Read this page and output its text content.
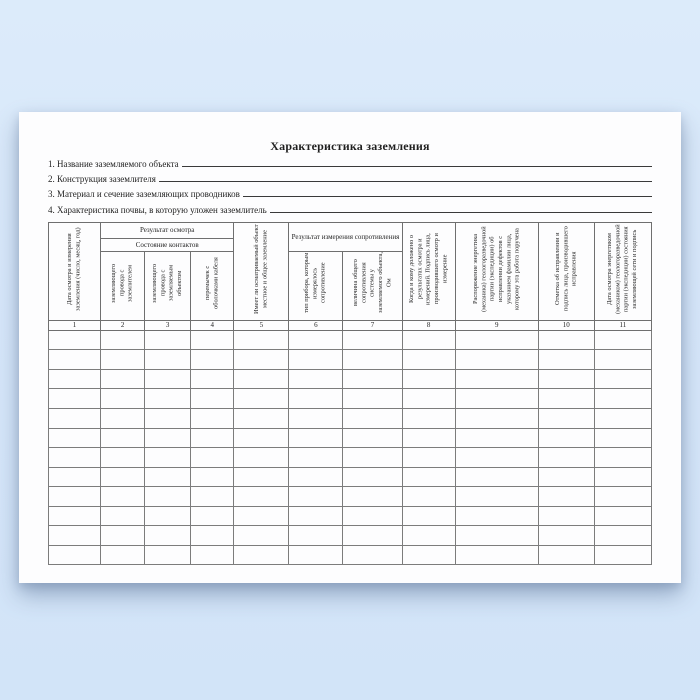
Характеристика заземления
1. Название заземляемого объекта
2. Конструкция заземлителя
3. Материал и сечение заземляющих проводников
4. Характеристика почвы, в которую уложен заземлитель
Дата осмотра и измерения заземления (число, месяц, год)	Результат осмотра			Имеет ли осматриваемый объект местное и общее заземление	Результат измерения сопротивления		Когда и кому доложено о результатах осмотра и измерений. Подпись лица, производившего осмотр и измерение	Распоряжение энергетика (механика) геологоразведочной партии (экспедиции) об исправлении дефектов с указанием фамилии лица, которому эта работа поручена	Отметка об исправлении и подпись лица, производившего исправления	Дата осмотра энергетиком (механиком) геологоразведочной партии (экспедиции) состояния заземляющей сети и подпись
	Состояние контактов									
	заземляющего провода с заземлителем	заземляющего провода с заземляемым объектом	перемычек с оболочками кабеля		тип прибора, которым измерялось сопротивление	величина общего сопротивления системы у заземляемого объекта, Ом				
1	2	3	4	5	6	7	8	9	10	11
